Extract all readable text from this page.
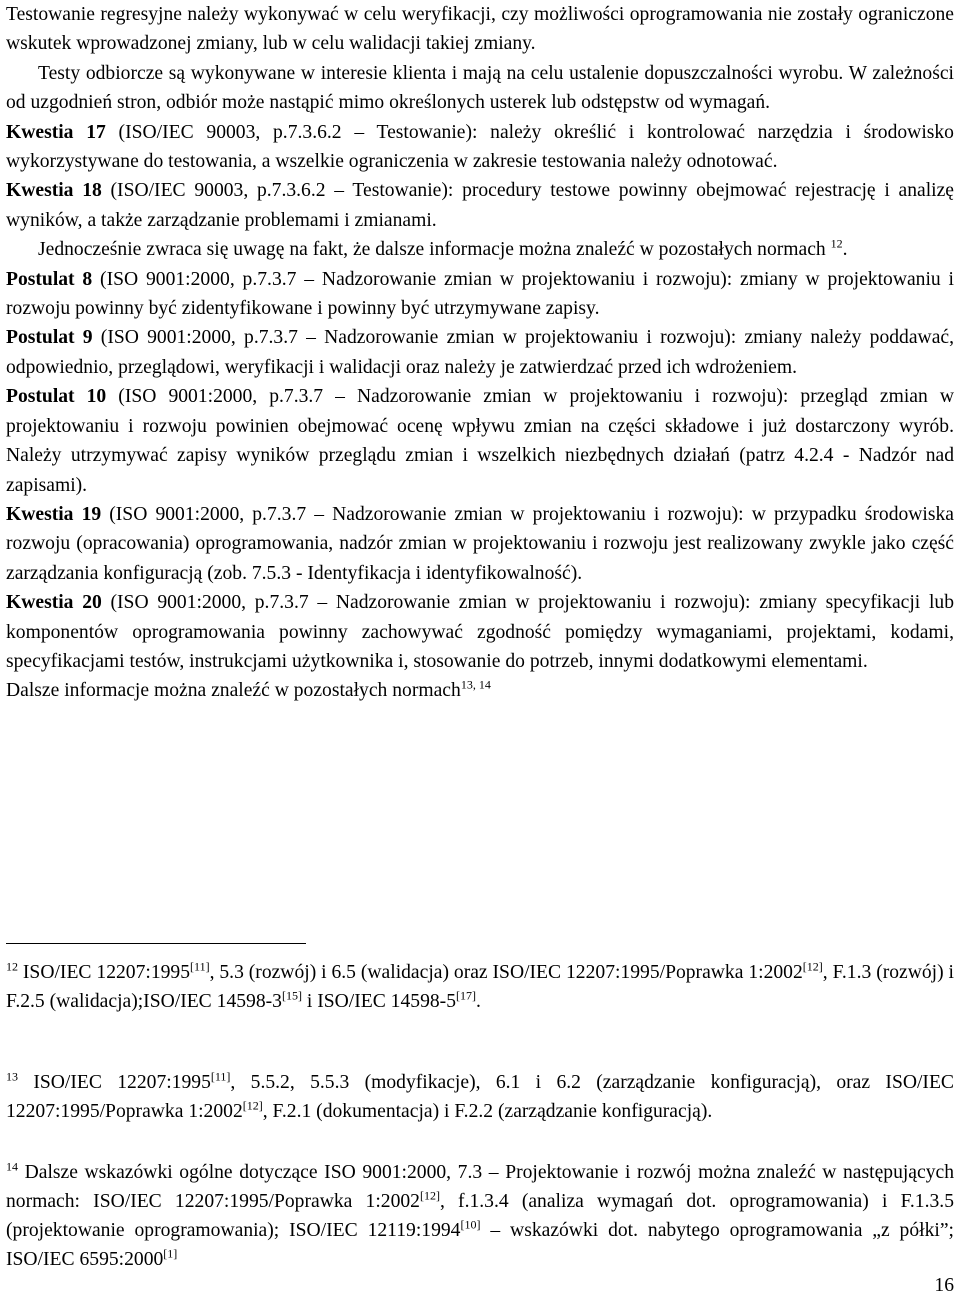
Testowanie regresyjne należy wykonywać w celu weryfikacji, czy możliwości oprogramowania nie zostały ograniczone wskutek wprowadzonej zmiany, lub w celu walidacji takiej zmiany.

Testy odbiorcze są wykonywane w interesie klienta i mają na celu ustalenie dopuszczalności wyrobu. W zależności od uzgodnień stron, odbiór może nastąpić mimo określonych usterek lub odstępstw od wymagań.

Kwestia 17 (ISO/IEC 90003, p.7.3.6.2 – Testowanie): należy określić i kontrolować narzędzia i środowisko wykorzystywane do testowania, a wszelkie ograniczenia w zakresie testowania należy odnotować.

Kwestia 18 (ISO/IEC 90003, p.7.3.6.2 – Testowanie): procedury testowe powinny obejmować rejestrację i analizę wyników, a także zarządzanie problemami i zmianami.

Jednocześnie zwraca się uwagę na fakt, że dalsze informacje można znaleźć w pozostałych normach $^{12}$.

Postulat 8 (ISO 9001:2000, p.7.3.7 – Nadzorowanie zmian w projektowaniu i rozwoju): zmiany w projektowaniu i rozwoju powinny być zidentyfikowane i powinny być utrzymywane zapisy.

Postulat 9 (ISO 9001:2000, p.7.3.7 – Nadzorowanie zmian w projektowaniu i rozwoju): zmiany należy poddawać, odpowiednio, przeglądowi, weryfikacji i walidacji oraz należy je zatwierdzać przed ich wdrożeniem.

Postulat 10 (ISO 9001:2000, p.7.3.7 – Nadzorowanie zmian w projektowaniu i rozwoju): przegląd zmian w projektowaniu i rozwoju powinien obejmować ocenę wpływu zmian na części składowe i już dostarczony wyrób. Należy utrzymywać zapisy wyników przeglądu zmian i wszelkich niezbędnych działań (patrz 4.2.4 - Nadzór nad zapisami).

Kwestia 19 (ISO 9001:2000, p.7.3.7 – Nadzorowanie zmian w projektowaniu i rozwoju): w przypadku środowiska rozwoju (opracowania) oprogramowania, nadzór zmian w projektowaniu i rozwoju jest realizowany zwykle jako część zarządzania konfiguracją (zob. 7.5.3 - Identyfikacja i identyfikowalność).

Kwestia 20 (ISO 9001:2000, p.7.3.7 – Nadzorowanie zmian w projektowaniu i rozwoju): zmiany specyfikacji lub komponentów oprogramowania powinny zachowywać zgodność pomiędzy wymaganiami, projektami, kodami, specyfikacjami testów, instrukcjami użytkownika i, stosowanie do potrzeb, innymi dodatkowymi elementami.

Dalsze informacje można znaleźć w pozostałych normach$^{13, 14}$

$^{12}$ ISO/IEC 12207:1995[11], 5.3 (rozwój) i 6.5 (walidacja) oraz ISO/IEC 12207:1995/Poprawka 1:2002[12], F.1.3 (rozwój) i F.2.5 (walidacja);ISO/IEC 14598-3[15] i ISO/IEC 14598-5[17].
$^{13}$ ISO/IEC 12207:1995[11], 5.5.2, 5.5.3 (modyfikacje), 6.1 i 6.2 (zarządzanie konfiguracją), oraz ISO/IEC 12207:1995/Poprawka 1:2002[12], F.2.1 (dokumentacja) i F.2.2 (zarządzanie konfiguracją).
$^{14}$ Dalsze wskazówki ogólne dotyczące ISO 9001:2000, 7.3 – Projektowanie i rozwój można znaleźć w następujących normach: ISO/IEC 12207:1995/Poprawka 1:2002[12], f.1.3.4 (analiza wymagań dot. oprogramowania) i F.1.3.5 (projektowanie oprogramowania); ISO/IEC 12119:1994[10] – wskazówki dot. nabytego oprogramowania „z półki”; ISO/IEC 6595:2000[1]
16
